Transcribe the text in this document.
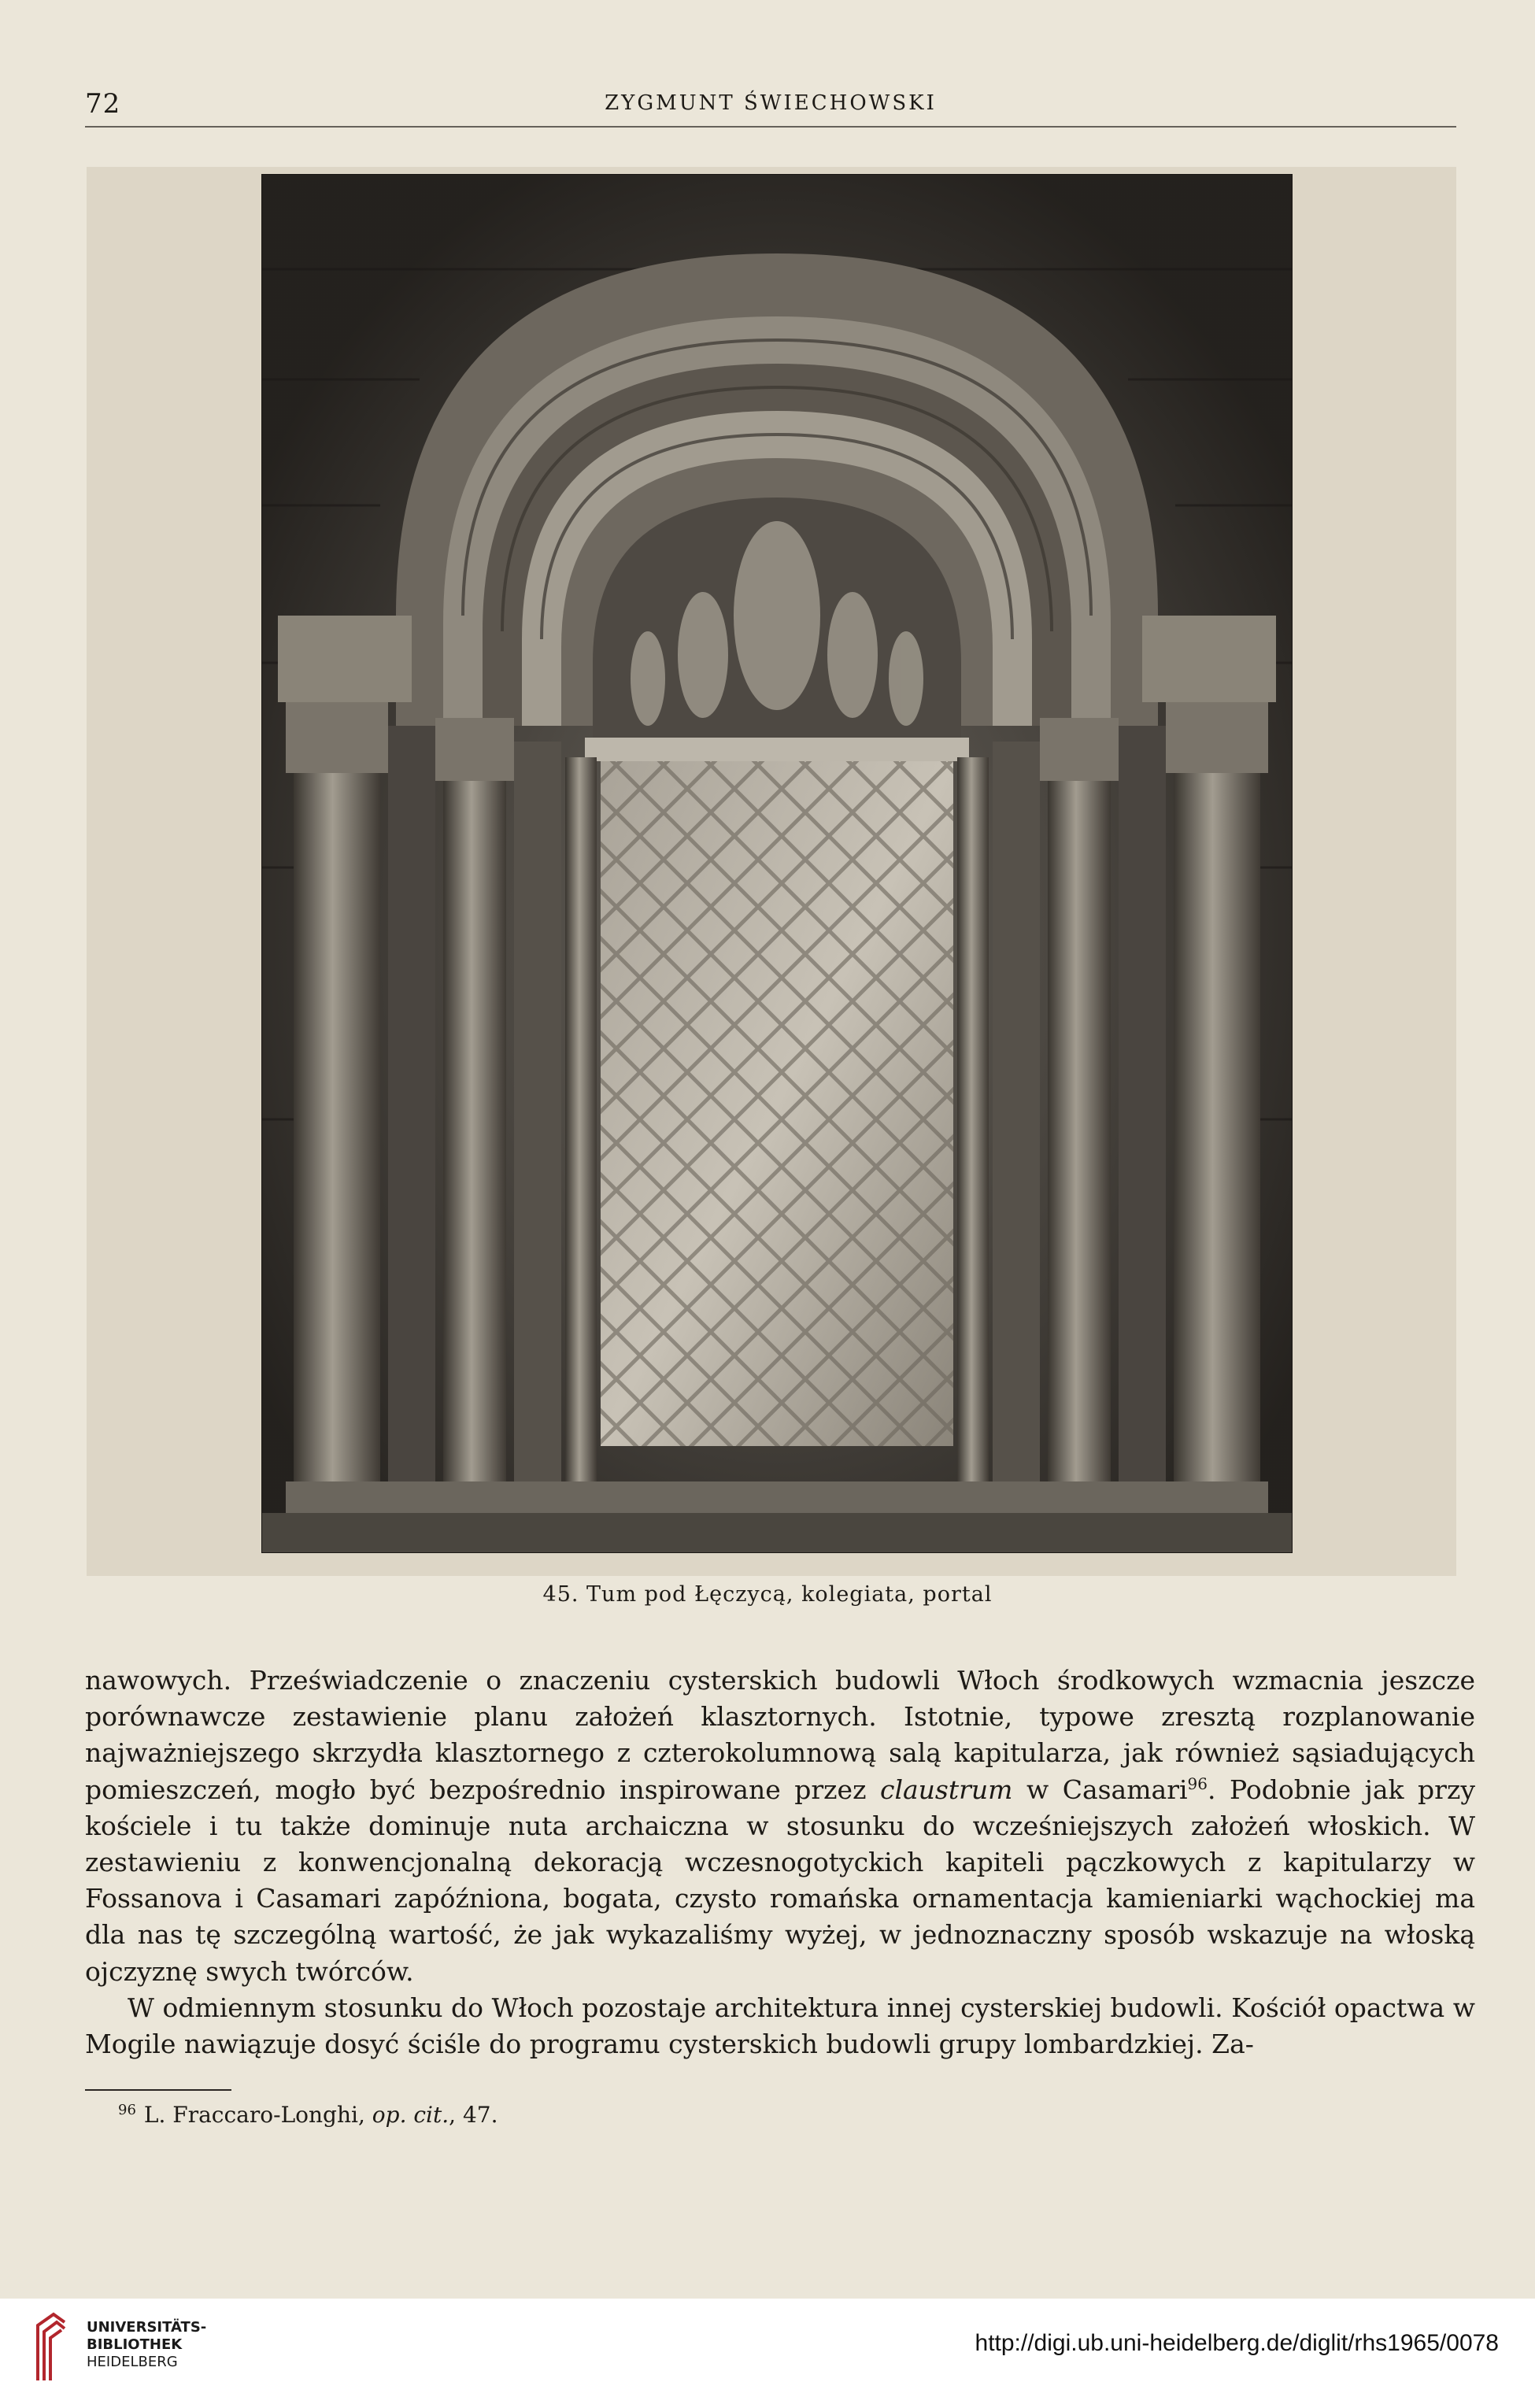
72	ZYGMUNT ŚWIECHOWSKI
45. Tum pod Łęczycą, kolegiata, portal

nawowych. Przeświadczenie o znaczeniu cysterskich budowli Włoch środkowych wzmacnia jeszcze porównawcze zestawienie planu założeń klasztornych. Istotnie, typowe zresztą rozplanowanie najważniejszego skrzydła klasztornego z czterokolumnową salą kapitularza, jak również sąsiadujących pomieszczeń, mogło być bezpośrednio inspirowane przez claustrum w Casamari$^{96}$. Podobnie jak przy kościele i tu także dominuje nuta archaiczna w stosunku do wcześniejszych założeń włoskich. W zestawieniu z konwencjonalną dekoracją wczesnogotyckich kapiteli pączkowych z kapitularzy w Fossanova i Casamari zapóźniona, bogata, czysto romańska ornamentacja kamieniarki wąchockiej ma dla nas tę szczególną wartość, że jak wykazaliśmy wyżej, w jednoznaczny sposób wskazuje na włoską ojczyznę swych twórców.

W odmiennym stosunku do Włoch pozostaje architektura innej cysterskiej budowli. Kościół opactwa w Mogile nawiązuje dosyć ściśle do programu cysterskich budowli grupy lombardzkiej. Za-

$^{96}$ L. Fraccaro-Longhi, op. cit., 47.
UNIVERSITÄTS-
BIBLIOTHEK
HEIDELBERG
http://digi.ub.uni-heidelberg.de/diglit/rhs1965/0078
